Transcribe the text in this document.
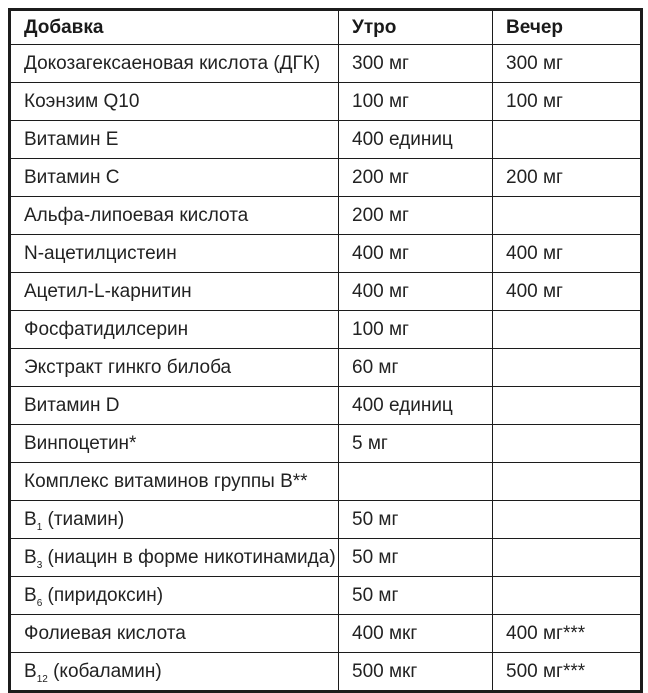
Добавка	Утро	Вечер
Докозагексаеновая кислота (ДГК)	300 мг	300 мг
Коэнзим Q10	100 мг	100 мг
Витамин E	400 единиц	
Витамин C	200 мг	200 мг
Альфа-липоевая кислота	200 мг	
N-ацетилцистеин	400 мг	400 мг
Ацетил-L-карнитин	400 мг	400 мг
Фосфатидилсерин	100 мг	
Экстракт гинкго билоба	60 мг	
Витамин D	400 единиц	
Винпоцетин*	5 мг	
Комплекс витаминов группы B**		
$B_1$ (тиамин)	50 мг	
$B_3$ (ниацин в форме никотинамида)	50 мг	
$B_6$ (пиридоксин)	50 мг	
Фолиевая кислота	400 мкг	400 мг***
$B_{12}$ (кобаламин)	500 мкг	500 мг***
